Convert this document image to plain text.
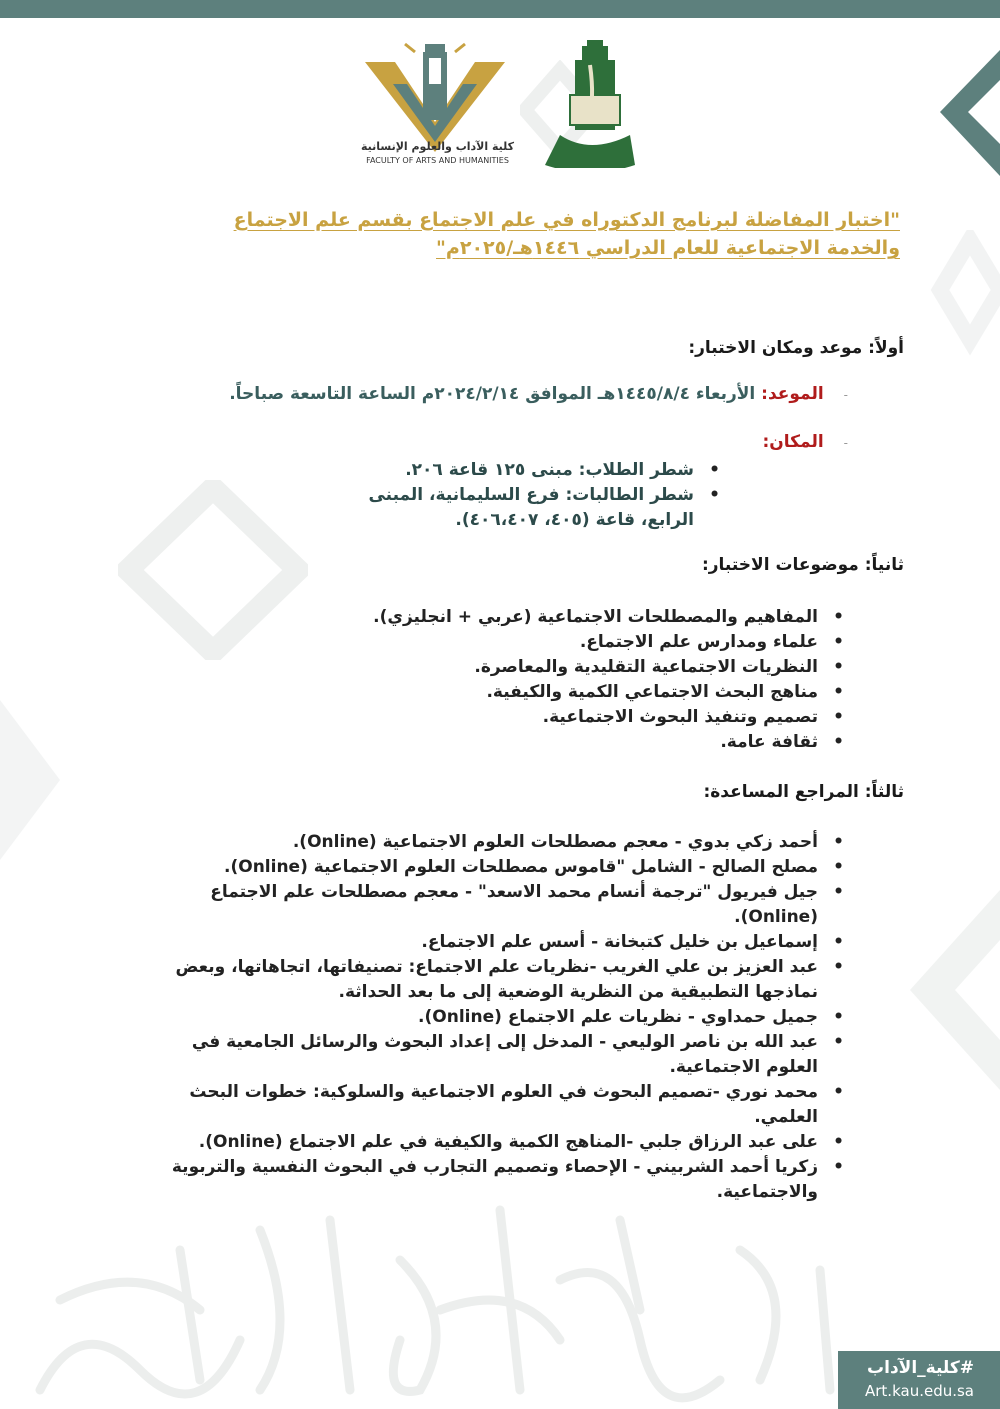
كلية الآداب والعلوم الإنسانية
FACULTY OF ARTS AND HUMANITIES
"اختبار المفاضلة لبرنامج الدكتوراه في علم الاجتماع بقسم علم الاجتماع
والخدمة الاجتماعية للعام الدراسي ١٤٤٦هـ/٢٠٢٥م"
أولاً: موعد ومكان الاختبار:
-الموعد: الأربعاء ١٤٤٥/٨/٤هـ الموافق ٢٠٢٤/٢/١٤م الساعة التاسعة صباحاً.
-المكان:
• شطر الطلاب: مبنى ١٢٥ قاعة ٢٠٦.
• شطر الطالبات: فرع السليمانية، المبنى الرابع، قاعة (٤٠٥، ٤٠٦،٤٠٧).
ثانياً: موضوعات الاختبار:
• المفاهيم والمصطلحات الاجتماعية (عربي + انجليزي).
• علماء ومدارس علم الاجتماع.
• النظريات الاجتماعية التقليدية والمعاصرة.
• مناهج البحث الاجتماعي الكمية والكيفية.
• تصميم وتنفيذ البحوث الاجتماعية.
• ثقافة عامة.
ثالثاً: المراجع المساعدة:
• أحمد زكي بدوي - معجم مصطلحات العلوم الاجتماعية (Online).
• مصلح الصالح - الشامل "قاموس مصطلحات العلوم الاجتماعية (Online).
• جيل فيريول "ترجمة أنسام محمد الاسعد" - معجم مصطلحات علم الاجتماع (Online).
• إسماعيل بن خليل كتبخانة - أسس علم الاجتماع.
• عبد العزيز بن علي الغريب -نظريات علم الاجتماع: تصنيفاتها، اتجاهاتها، وبعض نماذجها التطبيقية من النظرية الوضعية إلى ما بعد الحداثة.
• جميل حمداوي - نظريات علم الاجتماع (Online).
• عبد الله بن ناصر الوليعي - المدخل إلى إعداد البحوث والرسائل الجامعية في العلوم الاجتماعية.
• محمد نوري -تصميم البحوث في العلوم الاجتماعية والسلوكية: خطوات البحث العلمي.
• على عبد الرزاق جلبي -المناهج الكمية والكيفية في علم الاجتماع (Online).
• زكريا أحمد الشربيني - الإحصاء وتصميم التجارب في البحوث النفسية والتربوية والاجتماعية.
#كلية_الآداب
Art.kau.edu.sa
